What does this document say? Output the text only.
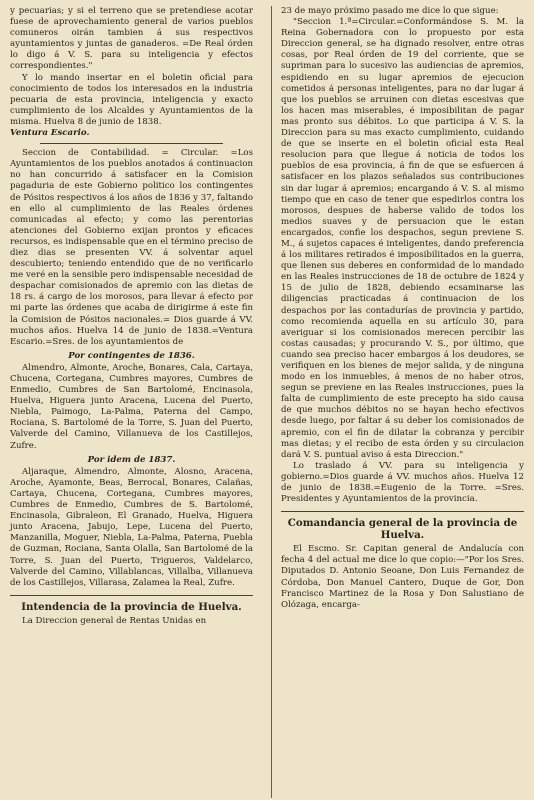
y pecuarias; y si el terreno que se pretendiese acotar fuese de aprovechamiento general de varios pueblos comuneros oirán tambien á sus respectivos ayuntamientos y juntas de ganaderos. =De Real órden lo digo á V. S. para su inteligencia y efectos correspondientes."

Y lo mando insertar en el boletin oficial para conocimiento de todos los interesados en la industria pecuaria de esta provincia, inteligencia y exacto cumplimiento de los Alcaldes y Ayuntamientos de la misma. Huelva 8 de junio de 1838.

Ventura Escario.

Seccion de Contabilidad. = Circular. =Los Ayuntamientos de los pueblos anotados á continuacion no han concurrido á satisfacer en la Comision pagaduria de este Gobierno politico los contingentes de Pósitos respectivos á los años de 1836 y 37, faltando en ello al cumplimiento de las Reales órdenes comunicadas al efecto; y como las perentorias atenciones del Gobierno exijan prontos y eficaces recursos, es indispensable que en el término preciso de diez dias se presenten VV. á solventar aquel descubierto; teniendo entendido que de no verificarlo me veré en la sensible pero indispensable necesidad de despachar comisionados de apremio con las dietas de 18 rs. á cargo de los morosos, para llevar á efecto por mi parte las órdenes que acaba de dirigirme á este fin la Comision de Pósitos nacionales.= Dios guarde á VV. muchos años. Huelva 14 de junio de 1838.=Ventura Escario.=Sres. de los ayuntamientos de

Por contingentes de 1836.

Almendro, Almonte, Aroche, Bonares, Cala, Cartaya, Chucena, Cortegana, Cumbres mayores, Cumbres de Enmedio, Cumbres de San Bartolomé, Encinasola, Huelva, Higuera junto Aracena, Lucena del Puerto, Niebla, Paimogo, La-Palma, Paterna del Campo, Rociana, S. Bartolomé de la Torre, S. Juan del Puerto, Valverde del Camino, Villanueva de los Castillejos, Zufre.

Por idem de 1837.

Aljaraque, Almendro, Almonte, Alosno, Aracena, Aroche, Ayamonte, Beas, Berrocal, Bonares, Calañas, Cartaya, Chucena, Cortegana, Cumbres mayores, Cumbres de Enmedio, Cumbres de S. Bartolomé, Encinasola, Gibraleon, El Granado, Huelva, Higuera junto Aracena, Jabujo, Lepe, Lucena del Puerto, Manzanilla, Moguer, Niebla, La-Palma, Paterna, Puebla de Guzman, Rociana, Santa Olalla, San Bartolomé de la Torre, S. Juan del Puerto, Trigueros, Valdelarco, Valverde del Camino, Villablancas, Villalba, Villanueva de los Castillejos, Villarasa, Zalamea la Real, Zufre.

Intendencia de la provincia de Huelva.

La Direccion general de Rentas Unidas en

23 de mayo próximo pasado me dice lo que sigue:

"Seccion 1.ª=Circular.=Conformándose S. M. la Reina Gobernadora con lo propuesto por esta Direccion general, se ha dignado resolver, entre otras cosas, por Real órden de 19 del corriente, que se supriman para lo sucesivo las audiencias de apremios, espidiendo en su lugar apremios de ejecucion cometidos á personas inteligentes, para no dar lugar á que los pueblos se arruinen con dietas escesivas que los hacen mas miserables, é imposibilitan de pagar mas pronto sus débitos. Lo que participa á V. S. la Direccion para su mas exacto cumplimiento, cuidando de que se inserte en el boletin oficial esta Real resolucion para que llegue á noticia de todos los pueblos de esa provincia, á fin de que se esfuercen á satisfacer en los plazos señalados sus contribuciones sin dar lugar á apremios; encargando á V. S. al mismo tiempo que en caso de tener que espedirlos contra los morosos, despues de haberse valido de todos los medios suaves y de persuacion que le estan encargados, confie los despachos, segun previene S. M., á sujetos capaces é inteligentes, dando preferencia á los militares retirados é imposibilitados en la guerra, que llenen sus deberes en conformidad de lo mandado en las Reales instrucciones de 18 de octubre de 1824 y 15 de julio de 1828, debiendo ecsaminarse las diligencias practicadas á continuacion de los despachos por las contadurías de provincia y partido, como recomienda aquella en su artículo 30, para averiguar si los comisionados merecen percibir las costas causadas; y procurando V. S., por último, que cuando sea preciso hacer embargos á los deudores, se verifiquen en los bienes de mejor salida, y de ninguna modo en los inmuebles, á menos de no haber otros, segun se previene en las Reales instrucciones, pues la falta de cumplimiento de este precepto ha sido causa de que muchos débitos no se hayan hecho efectivos desde luego, por faltar á su deber los comisionados de apremio, con el fin de dilatar la cobranza y percibir mas dietas; y el recibo de esta órden y su circulacion dará V. S. puntual aviso á esta Direccion."

Lo traslado á VV. para su inteligencia y gobierno.=Dios guarde á VV. muchos años. Huelva 12 de junio de 1838.=Eugenio de la Torre. =Sres. Presidentes y Ayuntamientos de la provincia.

Comandancia general de la provincia de Huelva.

El Escmo. Sr. Capitan general de Andalucía con fecha 4 del actual me dice lo que copio:—"Por los Sres. Diputados D. Antonio Seoane, Don Luis Fernandez de Córdoba, Don Manuel Cantero, Duque de Gor, Don Francisco Martinez de la Rosa y Don Salustiano de Olózaga, encarga-
